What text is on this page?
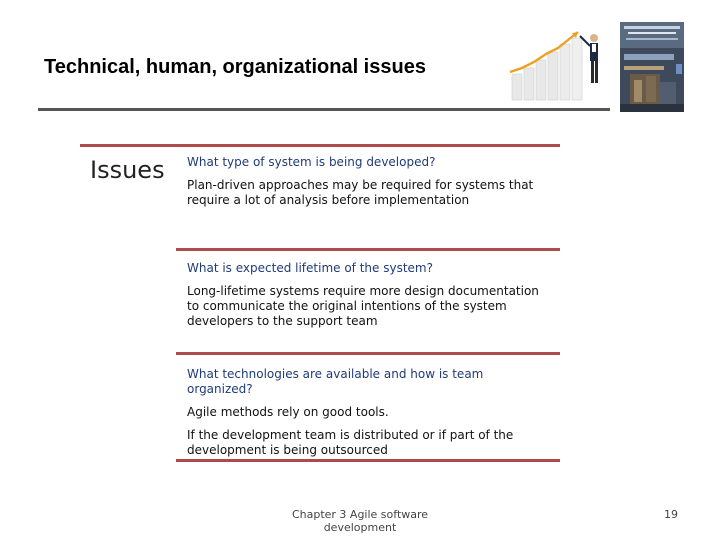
Technical, human, organizational issues
Issues What type of system is being developed?

Plan-driven approaches may be required for systems that require a lot of analysis before implementation

What is expected lifetime of the system?

Long-lifetime systems require more design documentation to communicate the original intentions of the system developers to the support team

What technologies are available and how is team organized?

Agile methods rely on good tools.

If the development team is distributed or if part of the development is being outsourced

Chapter 3 Agile software development
19
